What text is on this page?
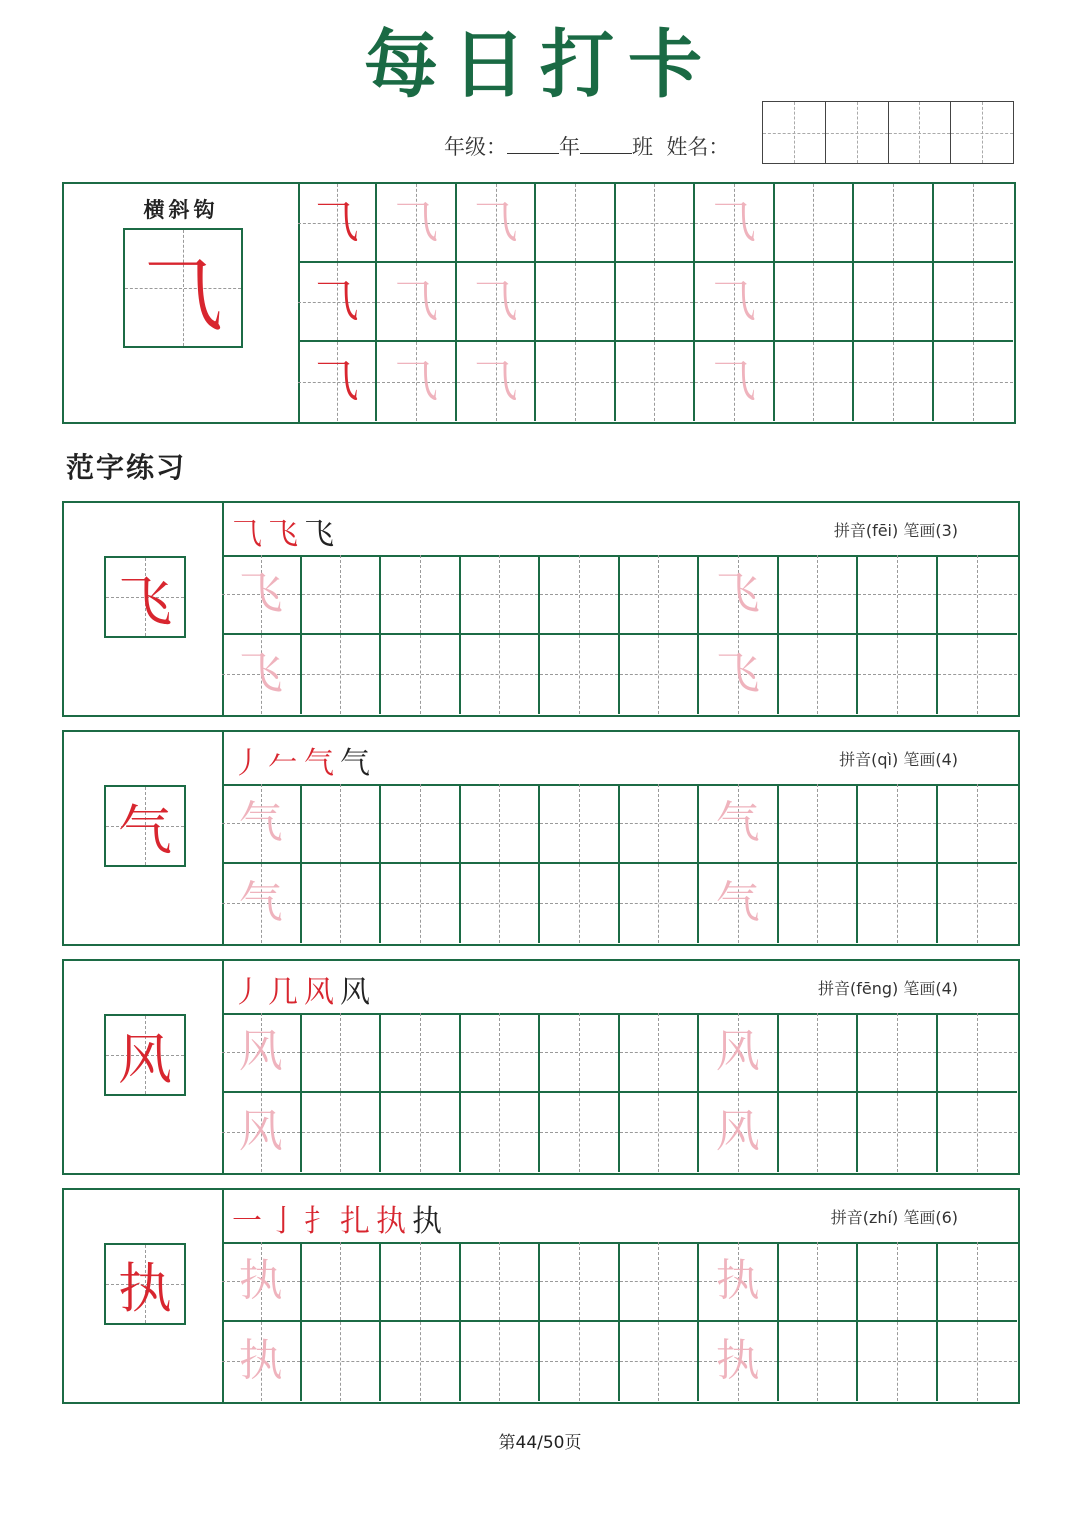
每日打卡
年级： 年 班 姓名：
横斜钩
⺄
⺄ ⺄ ⺄	⺄
⺄ ⺄ ⺄	⺄
⺄ ⺄ ⺄	⺄
范字练习
飞
⺄飞飞	拼音(fēi) 笔画(3)
飞	飞
飞	飞
气
丿𠂉气气	拼音(qì) 笔画(4)
气	气
气	气
风
丿几风风	拼音(fēng) 笔画(4)
风	风
风	风
执
一亅扌扎执执	拼音(zhí) 笔画(6)
执	执
执	执
第44/50页
